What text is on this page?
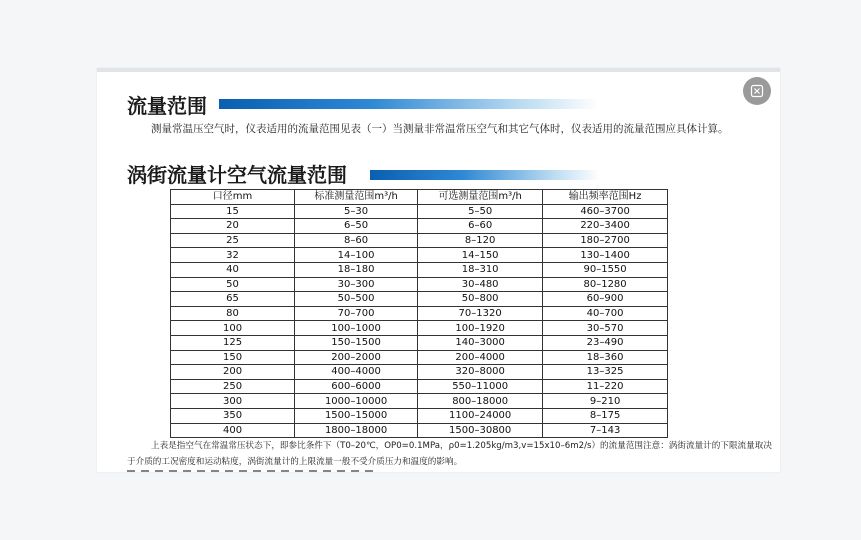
流量范围
测量常温压空气时，仪表适用的流量范围见表（一）当测量非常温常压空气和其它气体时，仪表适用的流量范围应具体计算。
涡街流量计空气流量范围
口径mm	标准测量范围m³/h	可选测量范围m³/h	输出频率范围Hz
15	5–30	5–50	460–3700
20	6–50	6–60	220–3400
25	8–60	8–120	180–2700
32	14–100	14–150	130–1400
40	18–180	18–310	90–1550
50	30–300	30–480	80–1280
65	50–500	50–800	60–900
80	70–700	70–1320	40–700
100	100–1000	100–1920	30–570
125	150–1500	140–3000	23–490
150	200–2000	200–4000	18–360
200	400–4000	320–8000	13–325
250	600–6000	550–11000	11–220
300	1000–10000	800–18000	9–210
350	1500–15000	1100–24000	8–175
400	1800–18000	1500–30800	7–143
上表是指空气在常温常压状态下，即参比条件下（T0–20℃，OP0=0.1MPa，ρ0=1.205kg/m3,v=15x10–6m2/s）的流量范围注意：涡街流量计的下限流量取决于介质的工况密度和运动粘度，涡街流量计的上限流量一般不受介质压力和温度的影响。
